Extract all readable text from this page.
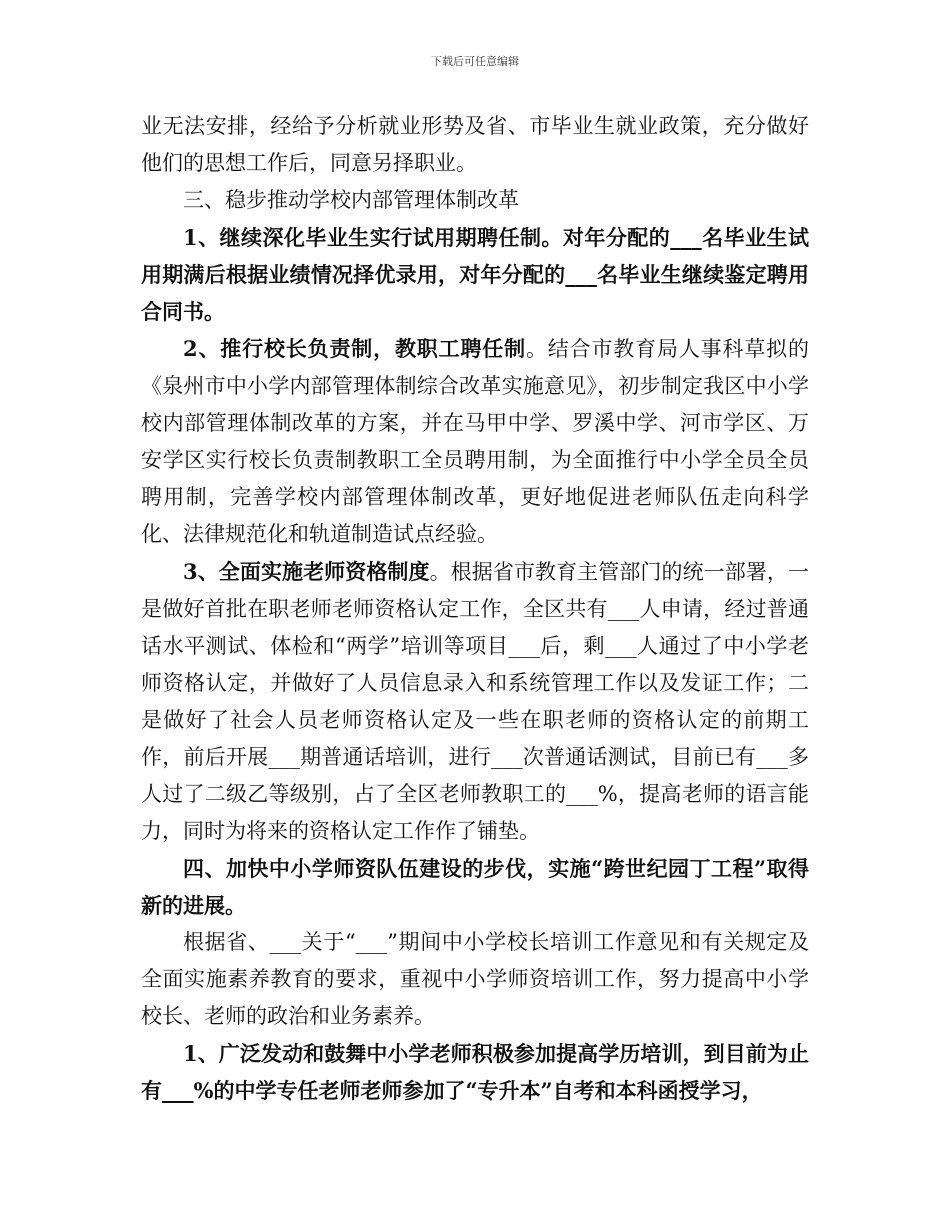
下载后可任意编辑

业无法安排，经给予分析就业形势及省、市毕业生就业政策，充分做好他们的思想工作后，同意另择职业。

三、稳步推动学校内部管理体制改革

1、继续深化毕业生实行试用期聘任制。对年分配的___名毕业生试用期满后根据业绩情况择优录用，对年分配的___名毕业生继续鉴定聘用合同书。

2、推行校长负责制，教职工聘任制。结合市教育局人事科草拟的《泉州市中小学内部管理体制综合改革实施意见》，初步制定我区中小学校内部管理体制改革的方案，并在马甲中学、罗溪中学、河市学区、万安学区实行校长负责制教职工全员聘用制，为全面推行中小学全员全员聘用制，完善学校内部管理体制改革，更好地促进老师队伍走向科学化、法律规范化和轨道制造试点经验。

3、全面实施老师资格制度。根据省市教育主管部门的统一部署，一是做好首批在职老师老师资格认定工作，全区共有___人申请，经过普通话水平测试、体检和“两学”培训等项目___后，剩___人通过了中小学老师资格认定，并做好了人员信息录入和系统管理工作以及发证工作；二是做好了社会人员老师资格认定及一些在职老师的资格认定的前期工作，前后开展___期普通话培训，进行___次普通话测试，目前已有___多人过了二级乙等级别，占了全区老师教职工的___%，提高老师的语言能力，同时为将来的资格认定工作作了铺垫。

四、加快中小学师资队伍建设的步伐，实施“跨世纪园丁工程”取得新的进展。

根据省、___关于“___”期间中小学校长培训工作意见和有关规定及全面实施素养教育的要求，重视中小学师资培训工作，努力提高中小学校长、老师的政治和业务素养。

1、广泛发动和鼓舞中小学老师积极参加提高学历培训，到目前为止有___%的中学专任老师老师参加了“专升本”自考和本科函授学习，
